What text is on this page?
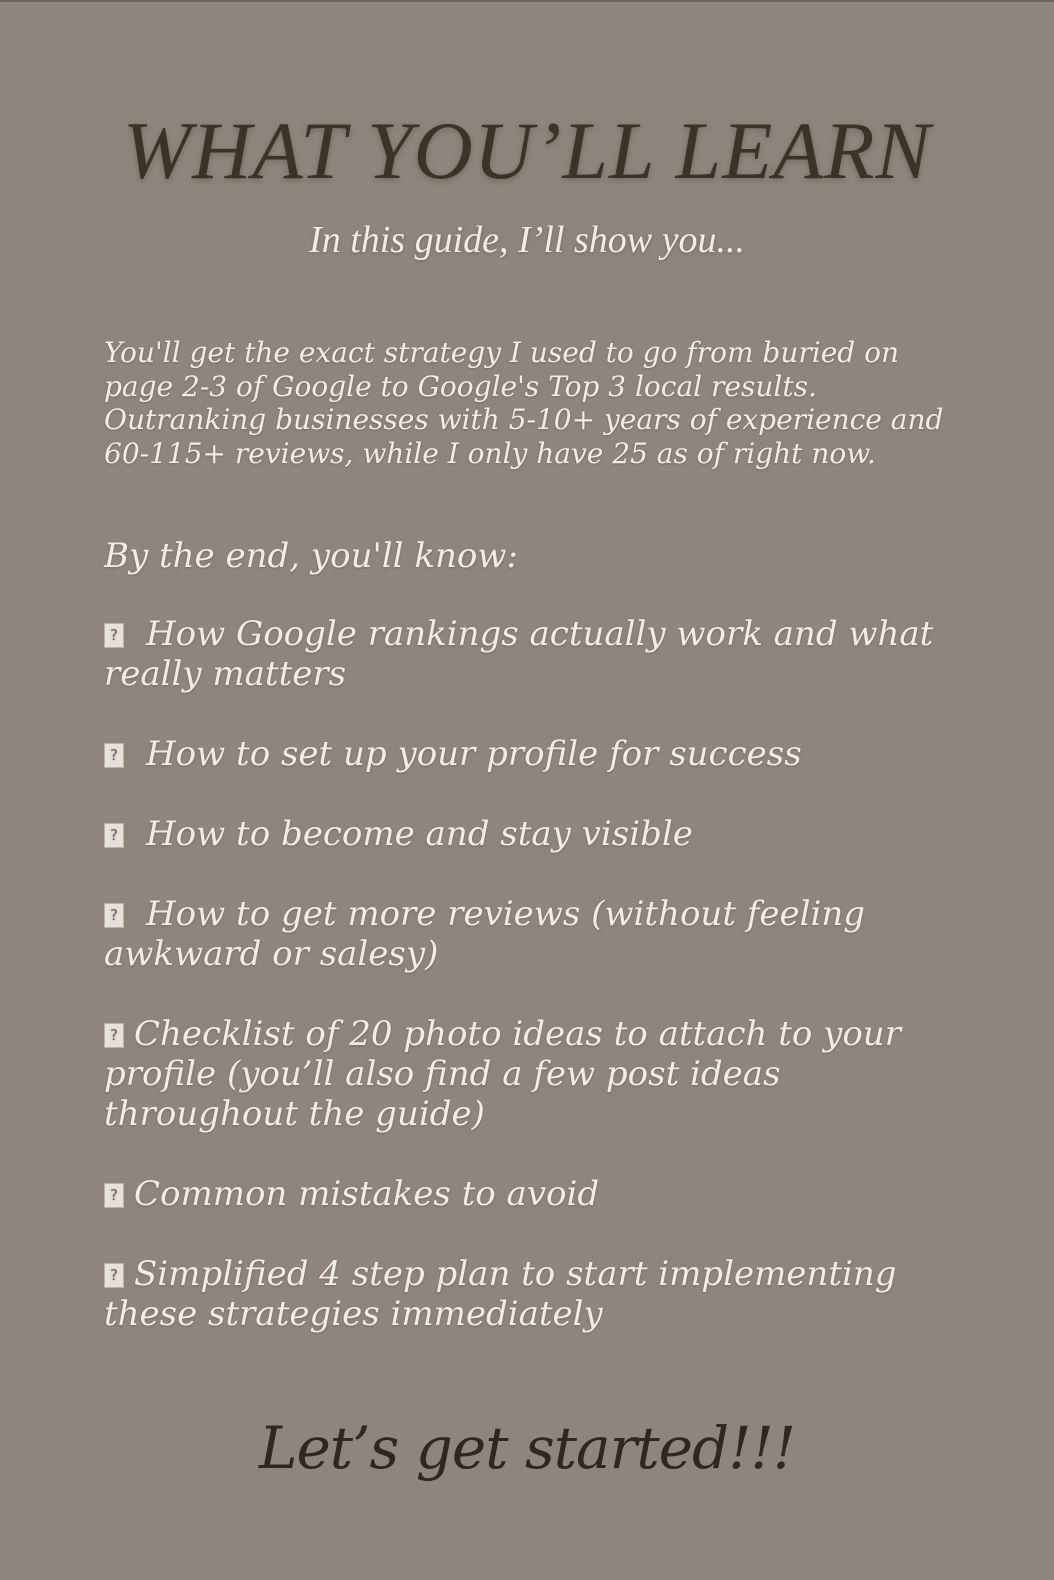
WHAT YOU’LL LEARN
In this guide, I’ll show you...
You'll get the exact strategy I used to go from buried on page 2-3 of Google to Google's Top 3 local results. Outranking businesses with 5-10+ years of experience and 60-115+ reviews, while I only have 25 as of right now.
By the end, you'll know:
?How Google rankings actually work and what really matters
?How to set up your profile for success
?How to become and stay visible
?How to get more reviews (without feeling awkward or salesy)
?Checklist of 20 photo ideas to attach to your profile (you’ll also find a few post ideas throughout the guide)
?Common mistakes to avoid
?Simplified 4 step plan to start implementing these strategies immediately
Let’s get started!!!
